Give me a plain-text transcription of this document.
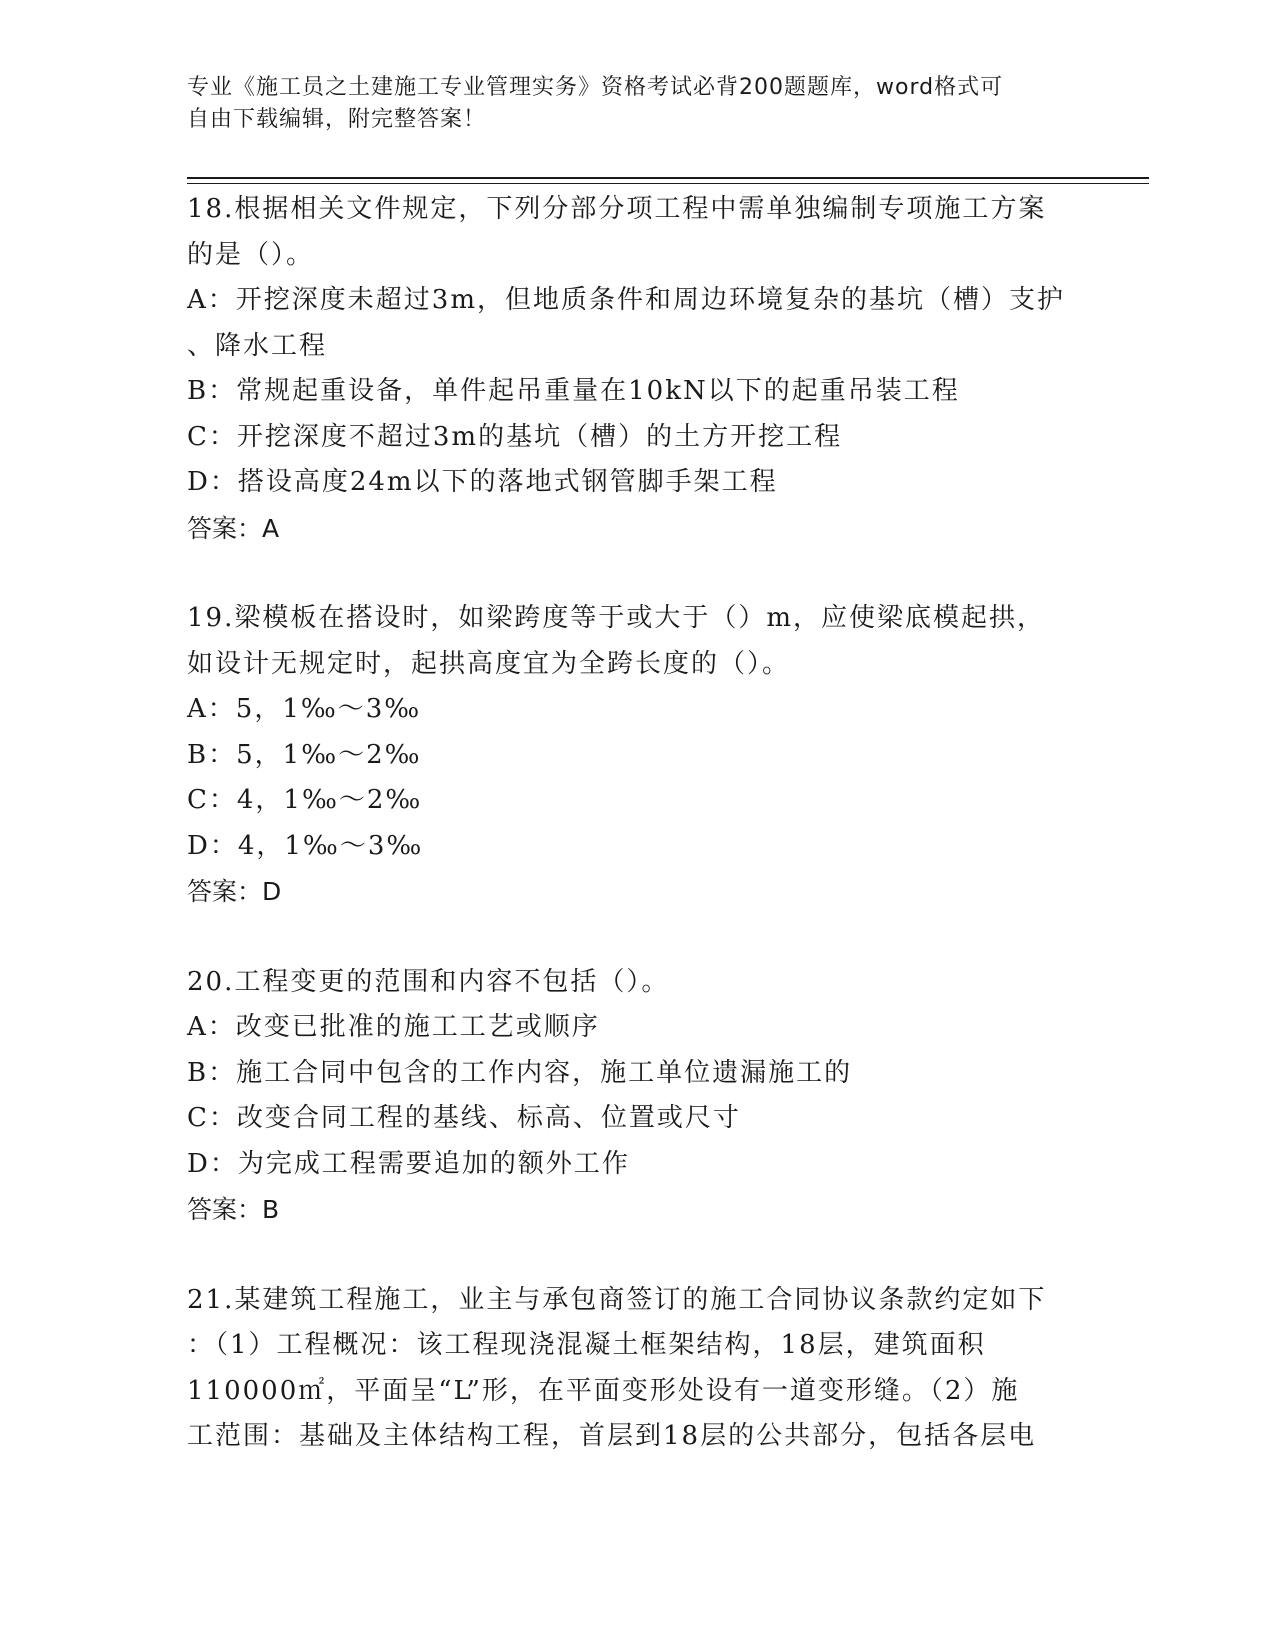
专业《施工员之土建施工专业管理实务》资格考试必背200题题库，word格式可
自由下载编辑，附完整答案！
18.根据相关文件规定，下列分部分项工程中需单独编制专项施工方案
的是（）。
A：开挖深度未超过3m，但地质条件和周边环境复杂的基坑（槽）支护
、降水工程
B：常规起重设备，单件起吊重量在10kN以下的起重吊装工程
C：开挖深度不超过3m的基坑（槽）的土方开挖工程
D：搭设高度24m以下的落地式钢管脚手架工程
答案：A
19.梁模板在搭设时，如梁跨度等于或大于（）m，应使梁底模起拱，
如设计无规定时，起拱高度宜为全跨长度的（）。
A：5，1‰～3‰
B：5，1‰～2‰
C：4，1‰～2‰
D：4，1‰～3‰
答案：D
20.工程变更的范围和内容不包括（）。
A：改变已批准的施工工艺或顺序
B：施工合同中包含的工作内容，施工单位遗漏施工的
C：改变合同工程的基线、标高、位置或尺寸
D：为完成工程需要追加的额外工作
答案：B
21.某建筑工程施工，业主与承包商签订的施工合同协议条款约定如下
：（1）工程概况：该工程现浇混凝土框架结构，18层，建筑面积
110000㎡，平面呈“L”形，在平面变形处设有一道变形缝。（2）施
工范围：基础及主体结构工程，首层到18层的公共部分，包括各层电
